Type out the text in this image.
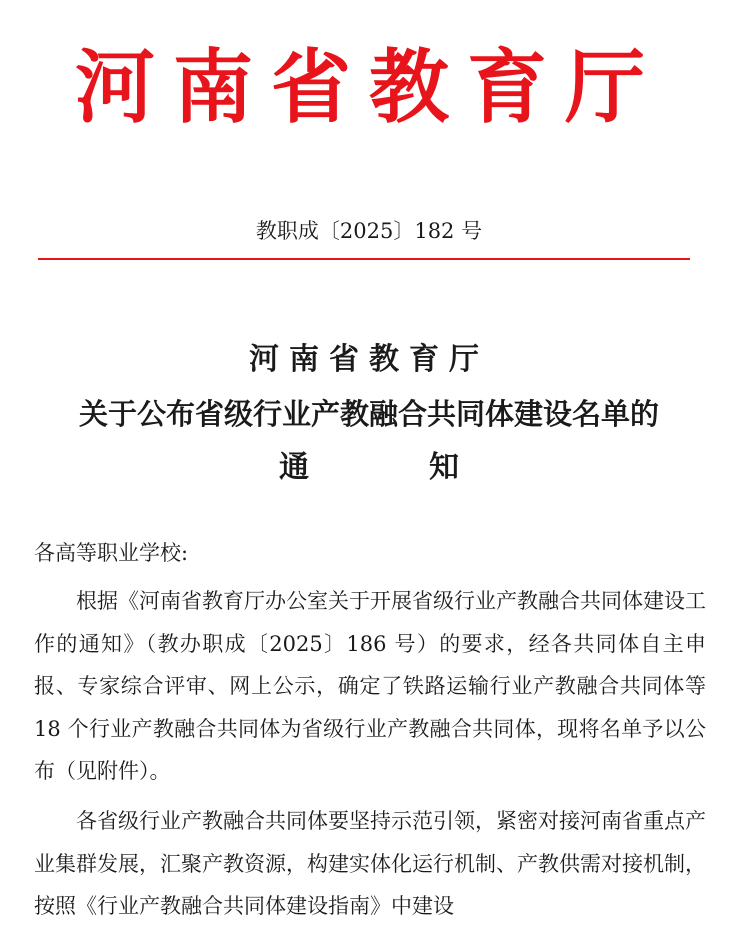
河南省教育厅
教职成〔2025〕182 号
河南省教育厅
关于公布省级行业产教融合共同体建设名单的
通	知
各高等职业学校:

根据《河南省教育厅办公室关于开展省级行业产教融合共同体建设工作的通知》（教办职成〔2025〕186 号）的要求，经各共同体自主申报、专家综合评审、网上公示，确定了铁路运输行业产教融合共同体等 18 个行业产教融合共同体为省级行业产教融合共同体，现将名单予以公布（见附件）。

各省级行业产教融合共同体要坚持示范引领，紧密对接河南省重点产业集群发展，汇聚产教资源，构建实体化运行机制、产教供需对接机制，按照《行业产教融合共同体建设指南》中建设
